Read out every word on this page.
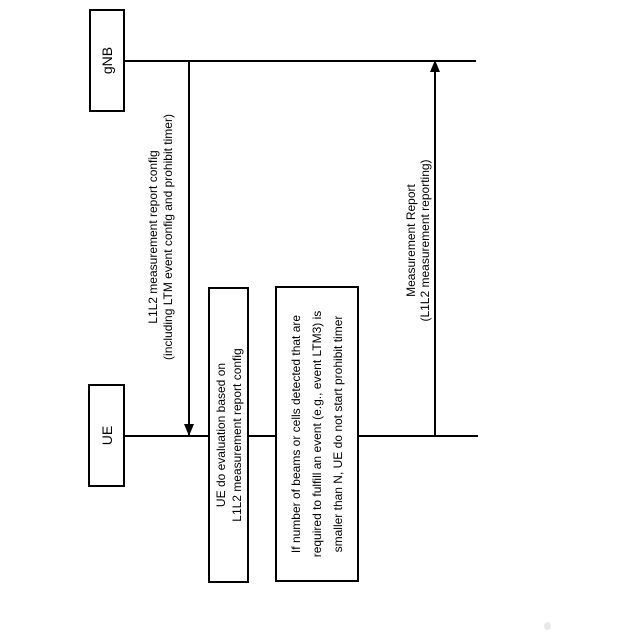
UE
gNB
L1L2 measurement report config (including LTM event config and prohibit timer)
UE do evaluation based on L1L2 measurement report config	If number of beams or cells detected that are required to fulfill an event (e.g., event LTM3) is smaller than N, UE do not start prohibit timer
Measurement Report (L1L2 measurement reporting)
